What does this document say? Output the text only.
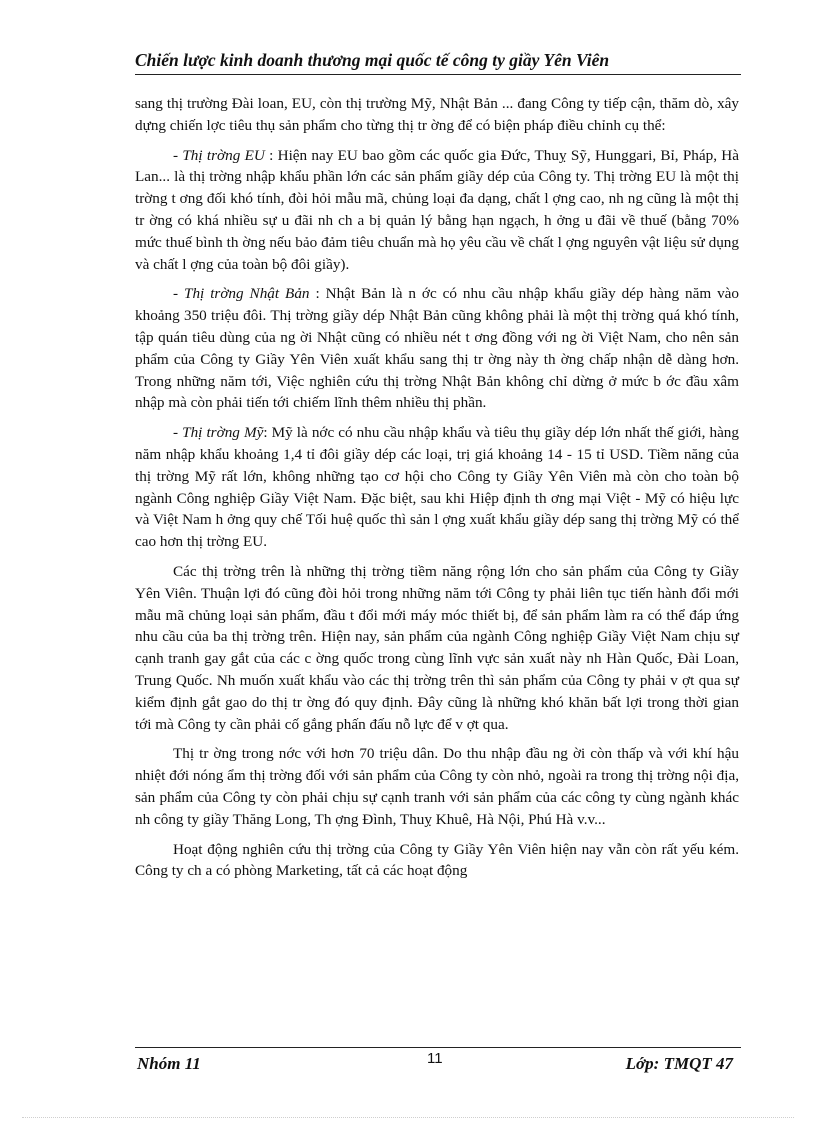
Chiến lược kinh doanh thương mại quốc tế công ty giầy Yên Viên

sang thị trường Đài loan, EU, còn thị trường Mỹ, Nhật Bản ... đang Công ty tiếp cận, thăm dò, xây dựng chiến lợc tiêu thụ sản phẩm cho từng thị tr ờng để có biện pháp điều chỉnh cụ thể:

- Thị trờng EU : Hiện nay EU bao gồm các quốc gia Đức, Thuỵ Sỹ, Hunggari, Bỉ, Pháp, Hà Lan... là thị trờng nhập khẩu phần lớn các sản phẩm giầy dép của Công ty. Thị trờng EU là một thị trờng t ơng đối khó tính, đòi hỏi mẫu mã, chủng loại đa dạng, chất l ợng cao, nh ng cũng là một thị tr ờng có khá nhiều sự u đãi nh ch a bị quản lý bằng hạn ngạch, h ởng u đãi về thuế (bằng 70% mức thuế bình th ờng nếu bảo đảm tiêu chuẩn mà họ yêu cầu về chất l ợng nguyên vật liệu sử dụng và chất l ợng của toàn bộ đôi giầy).

- Thị trờng Nhật Bản : Nhật Bản là n ớc có nhu cầu nhập khẩu giầy dép hàng năm vào khoảng 350 triệu đôi. Thị trờng giầy dép Nhật Bản cũng không phải là một thị trờng quá khó tính, tập quán tiêu dùng của ng ời Nhật cũng có nhiều nét t ơng đồng với ng ời Việt Nam, cho nên sản phẩm của Công ty Giầy Yên Viên xuất khẩu sang thị tr ờng này th ờng chấp nhận dễ dàng hơn. Trong những năm tới, Việc nghiên cứu thị trờng Nhật Bản không chỉ dừng ở mức b ớc đầu xâm nhập mà còn phải tiến tới chiếm lĩnh thêm nhiều thị phần.

- Thị trờng Mỹ: Mỹ là nớc có nhu cầu nhập khẩu và tiêu thụ giầy dép lớn nhất thế giới, hàng năm nhập khẩu khoảng 1,4 tỉ đôi giầy dép các loại, trị giá khoảng 14 - 15 tỉ USD. Tiềm năng của thị trờng Mỹ rất lớn, không những tạo cơ hội cho Công ty Giầy Yên Viên mà còn cho toàn bộ ngành Công nghiệp Giầy Việt Nam. Đặc biệt, sau khi Hiệp định th ơng mại Việt - Mỹ có hiệu lực và Việt Nam h ởng quy chế Tối huệ quốc thì sản l ợng xuất khẩu giầy dép sang thị trờng Mỹ có thể cao hơn thị trờng EU.

Các thị trờng trên là những thị trờng tiềm năng rộng lớn cho sản phẩm của Công ty Giầy Yên Viên. Thuận lợi đó cũng đòi hỏi trong những năm tới Công ty phải liên tục tiến hành đổi mới mẫu mã chủng loại sản phẩm, đầu t đổi mới máy móc thiết bị, để sản phẩm làm ra có thể đáp ứng nhu cầu của ba thị trờng trên. Hiện nay, sản phẩm của ngành Công nghiệp Giầy Việt Nam chịu sự cạnh tranh gay gắt của các c ờng quốc trong cùng lĩnh vực sản xuất này nh Hàn Quốc, Đài Loan, Trung Quốc. Nh muốn xuất khẩu vào các thị trờng trên thì sản phẩm của Công ty phải v ợt qua sự kiểm định gắt gao do thị tr ờng đó quy định. Đây cũng là những khó khăn bất lợi trong thời gian tới mà Công ty cần phải cố gắng phấn đấu nỗ lực để v ợt qua.

Thị tr ờng trong nớc với hơn 70 triệu dân. Do thu nhập đầu ng ời còn thấp và với khí hậu nhiệt đới nóng ẩm thị trờng đối với sản phẩm của Công ty còn nhỏ, ngoài ra trong thị trờng nội địa, sản phẩm của Công ty còn phải chịu sự cạnh tranh với sản phẩm của các công ty cùng ngành khác nh công ty giầy Thăng Long, Th ợng Đình, Thuỵ Khuê, Hà Nội, Phú Hà v.v...

Hoạt động nghiên cứu thị trờng của Công ty Giầy Yên Viên hiện nay vẫn còn rất yếu kém. Công ty ch a có phòng Marketing, tất cả các hoạt động

Nhóm 11	11	Lớp: TMQT 47
